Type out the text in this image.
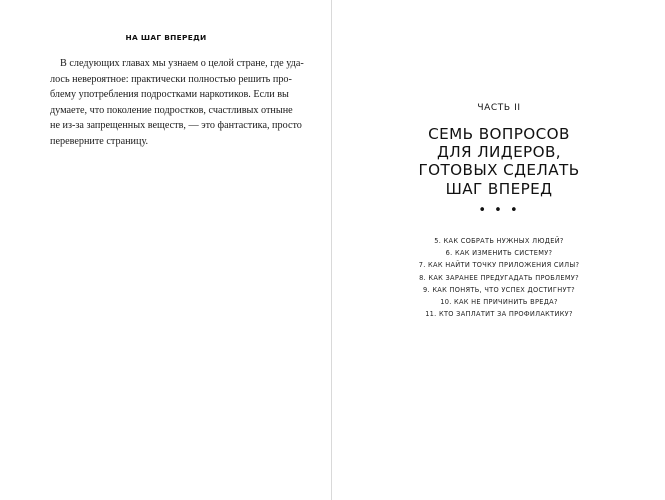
НА ШАГ ВПЕРЕДИ
В следующих главах мы узнаем о целой стране, где уда-
лось невероятное: практически полностью решить про-
блему употребления подростками наркотиков. Если вы
думаете, что поколение подростков, счастливых отныне
не из-за запрещенных веществ, — это фантастика, просто
переверните страницу.
ЧАСТЬ II
СЕМЬ ВОПРОСОВ
ДЛЯ ЛИДЕРОВ,
ГОТОВЫХ СДЕЛАТЬ
ШАГ ВПЕРЕД
• • •
5. КАК СОБРАТЬ НУЖНЫХ ЛЮДЕЙ?
6. КАК ИЗМЕНИТЬ СИСТЕМУ?
7. КАК НАЙТИ ТОЧКУ ПРИЛОЖЕНИЯ СИЛЫ?
8. КАК ЗАРАНЕЕ ПРЕДУГАДАТЬ ПРОБЛЕМУ?
9. КАК ПОНЯТЬ, ЧТО УСПЕХ ДОСТИГНУТ?
10. КАК НЕ ПРИЧИНИТЬ ВРЕДА?
11. КТО ЗАПЛАТИТ ЗА ПРОФИЛАКТИКУ?
